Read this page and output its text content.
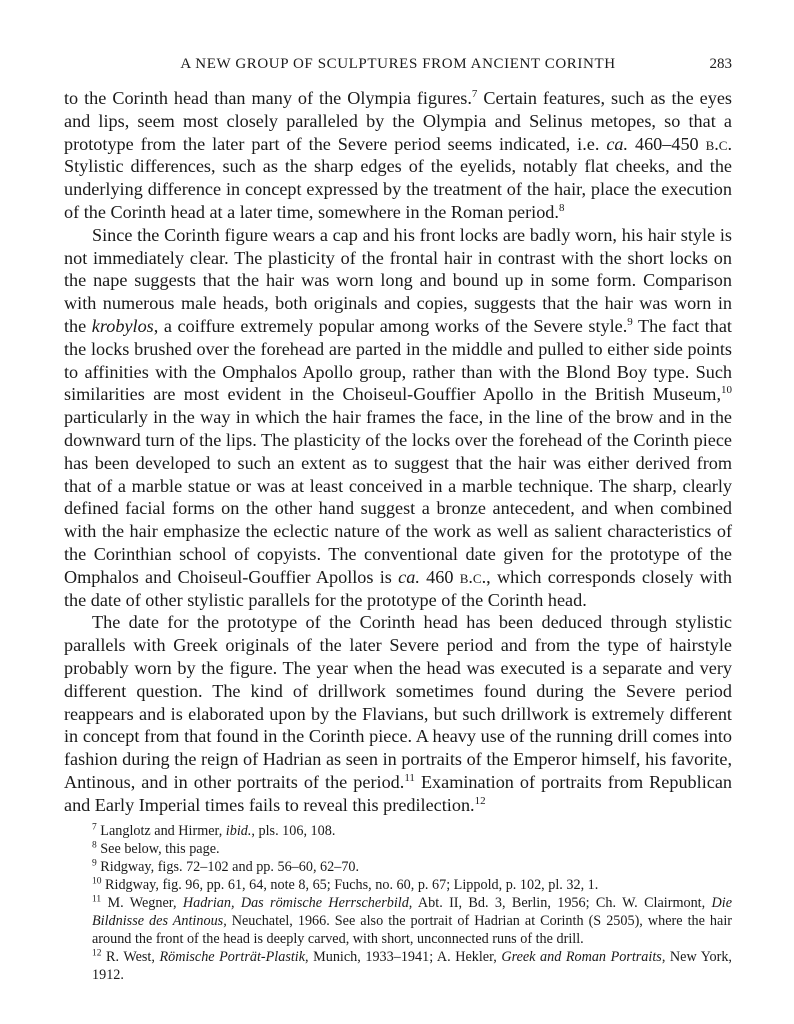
A NEW GROUP OF SCULPTURES FROM ANCIENT CORINTH	283

to the Corinth head than many of the Olympia figures.$^7$ Certain features, such as the eyes and lips, seem most closely paralleled by the Olympia and Selinus metopes, so that a prototype from the later part of the Severe period seems indicated, i.e. ca. 460–450 b.c. Stylistic differences, such as the sharp edges of the eyelids, notably flat cheeks, and the underlying difference in concept expressed by the treatment of the hair, place the execution of the Corinth head at a later time, somewhere in the Roman period.$^8$

Since the Corinth figure wears a cap and his front locks are badly worn, his hair style is not immediately clear. The plasticity of the frontal hair in contrast with the short locks on the nape suggests that the hair was worn long and bound up in some form. Comparison with numerous male heads, both originals and copies, suggests that the hair was worn in the krobylos, a coiffure extremely popular among works of the Severe style.$^9$ The fact that the locks brushed over the forehead are parted in the middle and pulled to either side points to affinities with the Omphalos Apollo group, rather than with the Blond Boy type. Such similarities are most evident in the Choiseul-Gouffier Apollo in the British Museum,$^{10}$ particularly in the way in which the hair frames the face, in the line of the brow and in the downward turn of the lips. The plasticity of the locks over the forehead of the Corinth piece has been developed to such an extent as to suggest that the hair was either derived from that of a marble statue or was at least conceived in a marble technique. The sharp, clearly defined facial forms on the other hand suggest a bronze antecedent, and when combined with the hair emphasize the eclectic nature of the work as well as salient characteristics of the Corinthian school of copyists. The conventional date given for the prototype of the Omphalos and Choiseul-Gouffier Apollos is ca. 460 b.c., which corresponds closely with the date of other stylistic parallels for the prototype of the Corinth head.

The date for the prototype of the Corinth head has been deduced through stylistic parallels with Greek originals of the later Severe period and from the type of hairstyle probably worn by the figure. The year when the head was executed is a separate and very different question. The kind of drillwork sometimes found during the Severe period reappears and is elaborated upon by the Flavians, but such drillwork is extremely different in concept from that found in the Corinth piece. A heavy use of the running drill comes into fashion during the reign of Hadrian as seen in portraits of the Emperor himself, his favorite, Antinous, and in other portraits of the period.$^{11}$ Examination of portraits from Republican and Early Imperial times fails to reveal this predilection.$^{12}$

$^7$ Langlotz and Hirmer, ibid., pls. 106, 108.

$^8$ See below, this page.

$^9$ Ridgway, figs. 72–102 and pp. 56–60, 62–70.

$^{10}$ Ridgway, fig. 96, pp. 61, 64, note 8, 65; Fuchs, no. 60, p. 67; Lippold, p. 102, pl. 32, 1.

$^{11}$ M. Wegner, Hadrian, Das römische Herrscherbild, Abt. II, Bd. 3, Berlin, 1956; Ch. W. Clairmont, Die Bildnisse des Antinous, Neuchatel, 1966. See also the portrait of Hadrian at Corinth (S 2505), where the hair around the front of the head is deeply carved, with short, unconnected runs of the drill.

$^{12}$ R. West, Römische Porträt-Plastik, Munich, 1933–1941; A. Hekler, Greek and Roman Portraits, New York, 1912.
